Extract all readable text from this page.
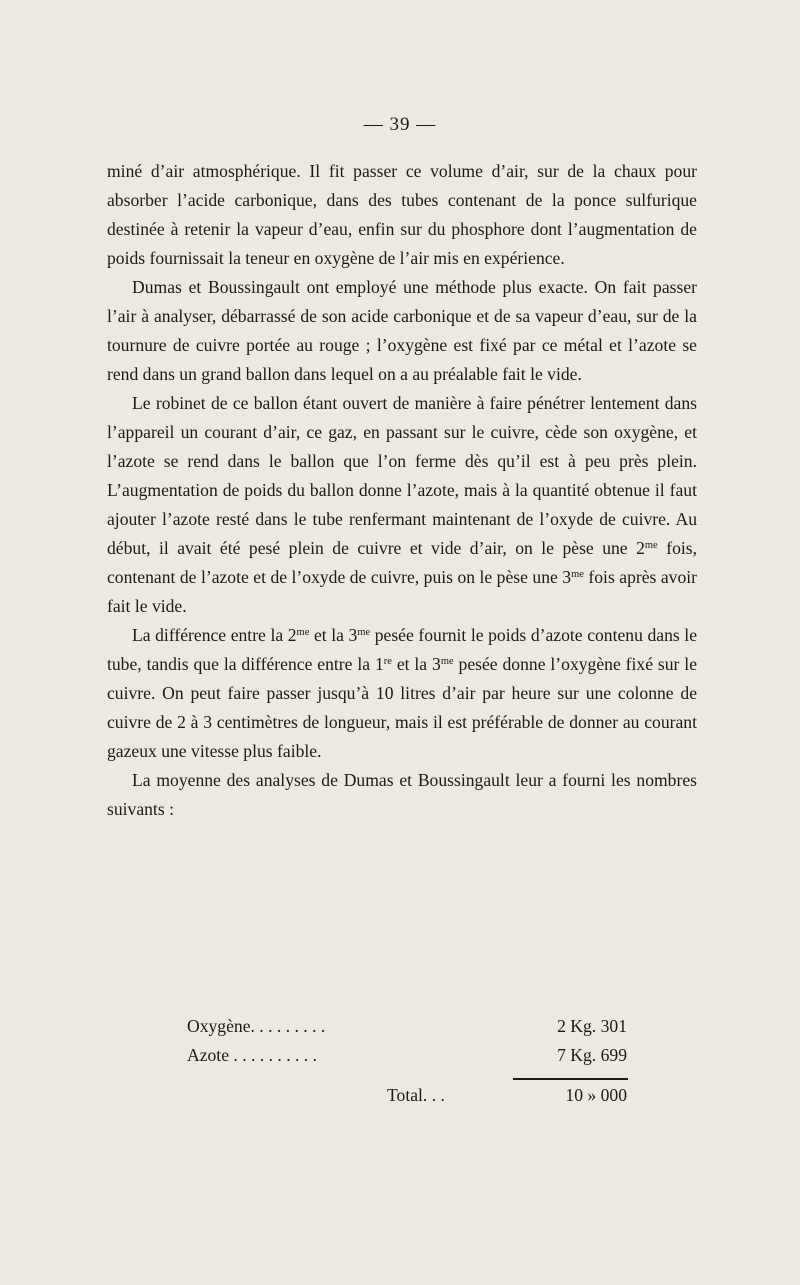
— 39 —

miné d’air atmosphérique. Il fit passer ce volume d’air, sur de la chaux pour absorber l’acide carbonique, dans des tubes contenant de la ponce sulfurique destinée à retenir la vapeur d’eau, enfin sur du phosphore dont l’augmentation de poids fournissait la teneur en oxygène de l’air mis en expérience.

Dumas et Boussingault ont employé une méthode plus exacte. On fait passer l’air à analyser, débarrassé de son acide carbonique et de sa vapeur d’eau, sur de la tournure de cuivre portée au rouge ; l’oxygène est fixé par ce métal et l’azote se rend dans un grand ballon dans lequel on a au préalable fait le vide.

Le robinet de ce ballon étant ouvert de manière à faire pénétrer lentement dans l’appareil un courant d’air, ce gaz, en passant sur le cuivre, cède son oxygène, et l’azote se rend dans le ballon que l’on ferme dès qu’il est à peu près plein. L’augmentation de poids du ballon donne l’azote, mais à la quantité obtenue il faut ajouter l’azote resté dans le tube renfermant maintenant de l’oxyde de cuivre. Au début, il avait été pesé plein de cuivre et vide d’air, on le pèse une $2^{me}$ fois, contenant de l’azote et de l’oxyde de cuivre, puis on le pèse une $3^{me}$ fois après avoir fait le vide.

La différence entre la $2^{me}$ et la $3^{me}$ pesée fournit le poids d’azote contenu dans le tube, tandis que la différence entre la 1re et la $3^{me}$ pesée donne l’oxygène fixé sur le cuivre. On peut faire passer jusqu’à 10 litres d’air par heure sur une colonne de cuivre de 2 à 3 centimètres de longueur, mais il est préférable de donner au courant gazeux une vitesse plus faible.

La moyenne des analyses de Dumas et Boussingault leur a fourni les nombres suivants :

Oxygène. . . . . . . . .	2 Kg. 301
Azote . . . . . . . . . .	7 Kg. 699
Total. . .	10 » 000
